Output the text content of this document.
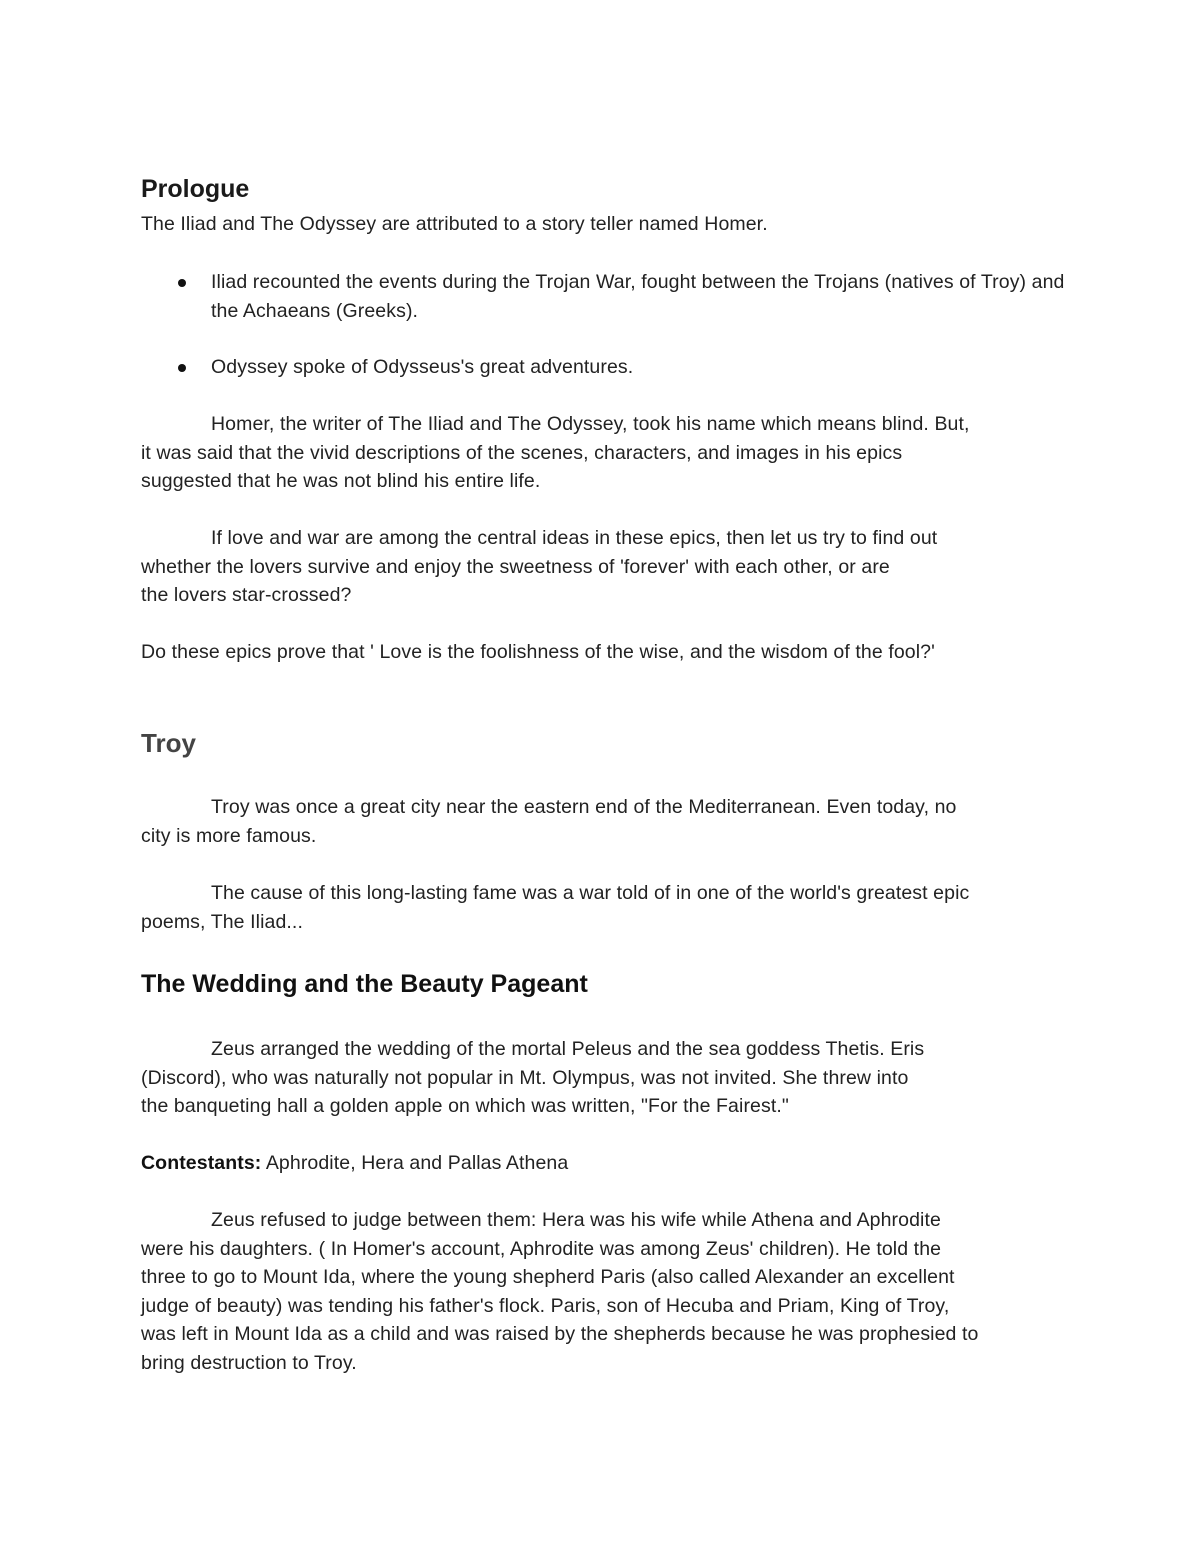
Prologue
The Iliad and The Odyssey are attributed to a story teller named Homer.
Iliad recounted the events during the Trojan War, fought between the Trojans (natives of Troy) and the Achaeans (Greeks).
Odyssey spoke of Odysseus's great adventures.
Homer, the writer of The Iliad and The Odyssey, took his name which means blind. But,
it was said that the vivid descriptions of the scenes, characters, and images in his epics
suggested that he was not blind his entire life.
If love and war are among the central ideas in these epics, then let us try to find out
whether the lovers survive and enjoy the sweetness of 'forever' with each other, or are
the lovers star-crossed?
Do these epics prove that ' Love is the foolishness of the wise, and the wisdom of the fool?'
Troy
Troy was once a great city near the eastern end of the Mediterranean. Even today, no
city is more famous.
The cause of this long-lasting fame was a war told of in one of the world's greatest epic
poems, The Iliad...
The Wedding and the Beauty Pageant
Zeus arranged the wedding of the mortal Peleus and the sea goddess Thetis. Eris
(Discord), who was naturally not popular in Mt. Olympus, was not invited. She threw into
the banqueting hall a golden apple on which was written, "For the Fairest."
Contestants: Aphrodite, Hera and Pallas Athena
Zeus refused to judge between them: Hera was his wife while Athena and Aphrodite
were his daughters. ( In Homer's account, Aphrodite was among Zeus' children). He told the
three to go to Mount Ida, where the young shepherd Paris (also called Alexander an excellent
judge of beauty) was tending his father's flock. Paris, son of Hecuba and Priam, King of Troy,
was left in Mount Ida as a child and was raised by the shepherds because he was prophesied to
bring destruction to Troy.
